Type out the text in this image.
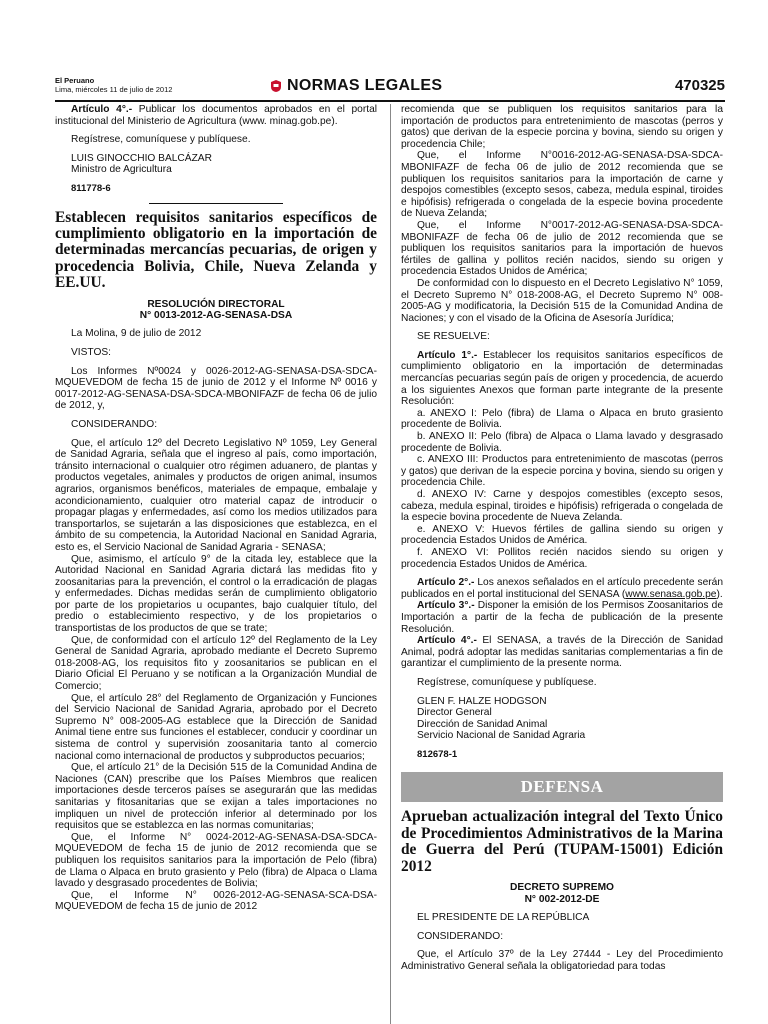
El Peruano
Lima, miércoles 11 de julio de 2012	NORMAS LEGALES	470325

Artículo 4°.- Publicar los documentos aprobados en el portal institucional del Ministerio de Agricultura (www. minag.gob.pe).

Regístrese, comuníquese y publíquese.

LUIS GINOCCHIO BALCÁZAR

Ministro de Agricultura

811778-6

Establecen requisitos sanitarios específicos de cumplimiento obligatorio en la importación de determinadas mercancías pecuarias, de origen y procedencia Bolivia, Chile, Nueva Zelanda y EE.UU.

RESOLUCIÓN DIRECTORAL

N° 0013-2012-AG-SENASA-DSA

La Molina, 9 de julio de 2012

VISTOS:

Los Informes Nº0024 y 0026-2012-AG-SENASA-DSA-SDCA-MQUEVEDOM de fecha 15 de junio de 2012 y el Informe Nº 0016 y 0017-2012-AG-SENASA-DSA-SDCA-MBONIFAZF de fecha 06 de julio de 2012, y,

CONSIDERANDO:

Que, el artículo 12º del Decreto Legislativo Nº 1059, Ley General de Sanidad Agraria, señala que el ingreso al país, como importación, tránsito internacional o cualquier otro régimen aduanero, de plantas y productos vegetales, animales y productos de origen animal, insumos agrarios, organismos benéficos, materiales de empaque, embalaje y acondicionamiento, cualquier otro material capaz de introducir o propagar plagas y enfermedades, así como los medios utilizados para transportarlos, se sujetarán a las disposiciones que establezca, en el ámbito de su competencia, la Autoridad Nacional en Sanidad Agraria, esto es, el Servicio Nacional de Sanidad Agraria - SENASA;

Que, asimismo, el artículo 9° de la citada ley, establece que la Autoridad Nacional en Sanidad Agraria dictará las medidas fito y zoosanitarias para la prevención, el control o la erradicación de plagas y enfermedades. Dichas medidas serán de cumplimiento obligatorio por parte de los propietarios u ocupantes, bajo cualquier título, del predio o establecimiento respectivo, y de los propietarios o transportistas de los productos de que se trate;

Que, de conformidad con el artículo 12º del Reglamento de la Ley General de Sanidad Agraria, aprobado mediante el Decreto Supremo 018-2008-AG, los requisitos fito y zoosanitarios se publican en el Diario Oficial El Peruano y se notifican a la Organización Mundial de Comercio;

Que, el artículo 28° del Reglamento de Organización y Funciones del Servicio Nacional de Sanidad Agraria, aprobado por el Decreto Supremo N° 008-2005-AG establece que la Dirección de Sanidad Animal tiene entre sus funciones el establecer, conducir y coordinar un sistema de control y supervisión zoosanitaria tanto al comercio nacional como internacional de productos y subproductos pecuarios;

Que, el artículo 21° de la Decisión 515 de la Comunidad Andina de Naciones (CAN) prescribe que los Países Miembros que realicen importaciones desde terceros países se asegurarán que las medidas sanitarias y fitosanitarias que se exijan a tales importaciones no impliquen un nivel de protección inferior al determinado por los requisitos que se establezca en las normas comunitarias;

Que, el Informe N° 0024-2012-AG-SENASA-DSA-SDCA-MQUEVEDOM de fecha 15 de junio de 2012 recomienda que se publiquen los requisitos sanitarios para la importación de Pelo (fibra) de Llama o Alpaca en bruto grasiento y Pelo (fibra) de Alpaca o Llama lavado y desgrasado procedentes de Bolivia;

Que, el Informe N° 0026-2012-AG-SENASA-SCA-DSA-MQUEVEDOM de fecha 15 de junio de 2012

recomienda que se publiquen los requisitos sanitarios para la importación de productos para entretenimiento de mascotas (perros y gatos) que derivan de la especie porcina y bovina, siendo su origen y procedencia Chile;

Que, el Informe N°0016-2012-AG-SENASA-DSA-SDCA-MBONIFAZF de fecha 06 de julio de 2012 recomienda que se publiquen los requisitos sanitarios para la importación de carne y despojos comestibles (excepto sesos, cabeza, medula espinal, tiroides e hipófisis) refrigerada o congelada de la especie bovina procedente de Nueva Zelanda;

Que, el Informe N°0017-2012-AG-SENASA-DSA-SDCA-MBONIFAZF de fecha 06 de julio de 2012 recomienda que se publiquen los requisitos sanitarios para la importación de huevos fértiles de gallina y pollitos recién nacidos, siendo su origen y procedencia Estados Unidos de América;

De conformidad con lo dispuesto en el Decreto Legislativo N° 1059, el Decreto Supremo N° 018-2008-AG, el Decreto Supremo N° 008-2005-AG y modificatoria, la Decisión 515 de la Comunidad Andina de Naciones; y con el visado de la Oficina de Asesoría Jurídica;

SE RESUELVE:

Artículo 1°.- Establecer los requisitos sanitarios específicos de cumplimiento obligatorio en la importación de determinadas mercancías pecuarias según país de origen y procedencia, de acuerdo a los siguientes Anexos que forman parte integrante de la presente Resolución:

a. ANEXO I: Pelo (fibra) de Llama o Alpaca en bruto grasiento procedente de Bolivia.

b. ANEXO II: Pelo (fibra) de Alpaca o Llama lavado y desgrasado procedente de Bolivia.

c. ANEXO III: Productos para entretenimiento de mascotas (perros y gatos) que derivan de la especie porcina y bovina, siendo su origen y procedencia Chile.

d. ANEXO IV: Carne y despojos comestibles (excepto sesos, cabeza, medula espinal, tiroides e hipófisis) refrigerada o congelada de la especie bovina procedente de Nueva Zelanda.

e. ANEXO V: Huevos fértiles de gallina siendo su origen y procedencia Estados Unidos de América.

f. ANEXO VI: Pollitos recién nacidos siendo su origen y procedencia Estados Unidos de América.

Artículo 2°.- Los anexos señalados en el artículo precedente serán publicados en el portal institucional del SENASA (www.senasa.gob.pe).

Artículo 3°.- Disponer la emisión de los Permisos Zoosanitarios de Importación a partir de la fecha de publicación de la presente Resolución.

Artículo 4°.- El SENASA, a través de la Dirección de Sanidad Animal, podrá adoptar las medidas sanitarias complementarias a fin de garantizar el cumplimiento de la presente norma.

Regístrese, comuníquese y publíquese.

GLEN F. HALZE HODGSON

Director General

Dirección de Sanidad Animal

Servicio Nacional de Sanidad Agraria

812678-1

DEFENSA

Aprueban actualización integral del Texto Único de Procedimientos Administrativos de la Marina de Guerra del Perú (TUPAM-15001) Edición 2012

DECRETO SUPREMO

N° 002-2012-DE

EL PRESIDENTE DE LA REPÚBLICA

CONSIDERANDO:

Que, el Artículo 37º de la Ley 27444 - Ley del Procedimiento Administrativo General señala la obligatoriedad para todas
